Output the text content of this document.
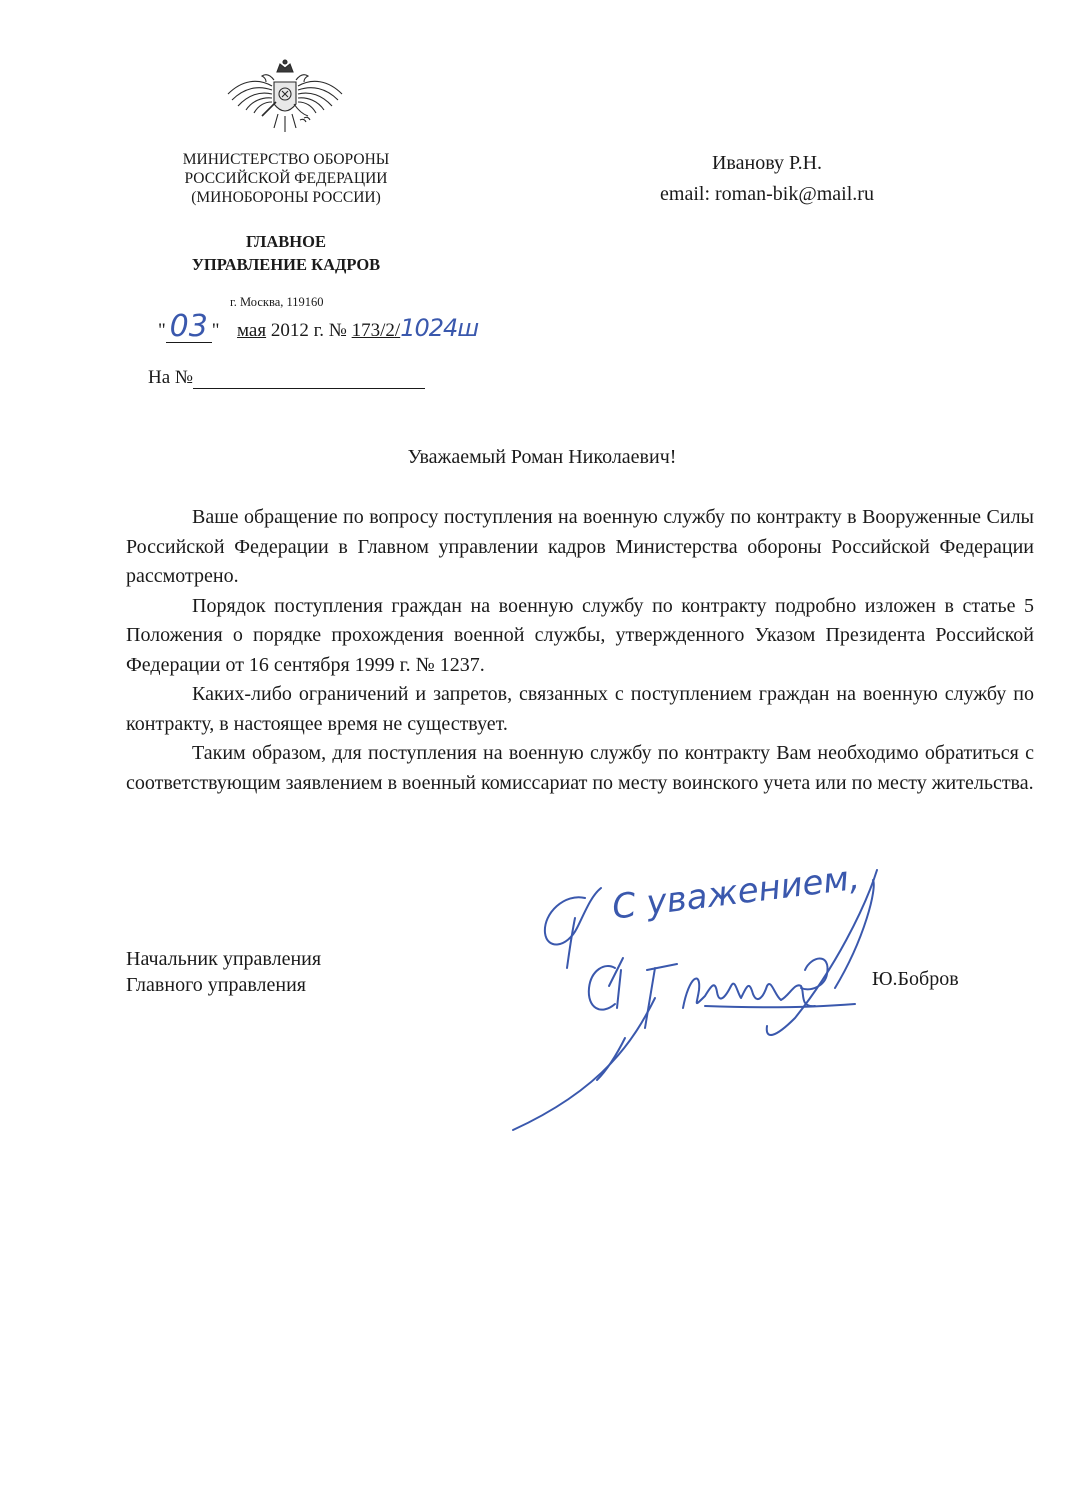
МИНИСТЕРСТВО ОБОРОНЫ
РОССИЙСКОЙ ФЕДЕРАЦИИ
(МИНОБОРОНЫ РОССИИ)
ГЛАВНОЕ
УПРАВЛЕНИЕ КАДРОВ
г. Москва, 119160
" 03 " мая 2012 г. № 173/2/1024ш
На №
Иванову Р.Н.
email: roman-bik@mail.ru
Уважаемый Роман Николаевич!

Ваше обращение по вопросу поступления на военную службу по контракту в Вооруженные Силы Российской Федерации в Главном управлении кадров Министерства обороны Российской Федерации рассмотрено.

Порядок поступления граждан на военную службу по контракту подробно изложен в статье 5 Положения о порядке прохождения военной службы, утвержденного Указом Президента Российской Федерации от 16 сентября 1999 г. № 1237.

Каких-либо ограничений и запретов, связанных с поступлением граждан на военную службу по контракту, в настоящее время не существует.

Таким образом, для поступления на военную службу по контракту Вам необходимо обратиться с соответствующим заявлением в военный комиссариат по месту воинского учета или по месту жительства.

Начальник управления
Главного управления
С уважением,
Ю.Бобров
